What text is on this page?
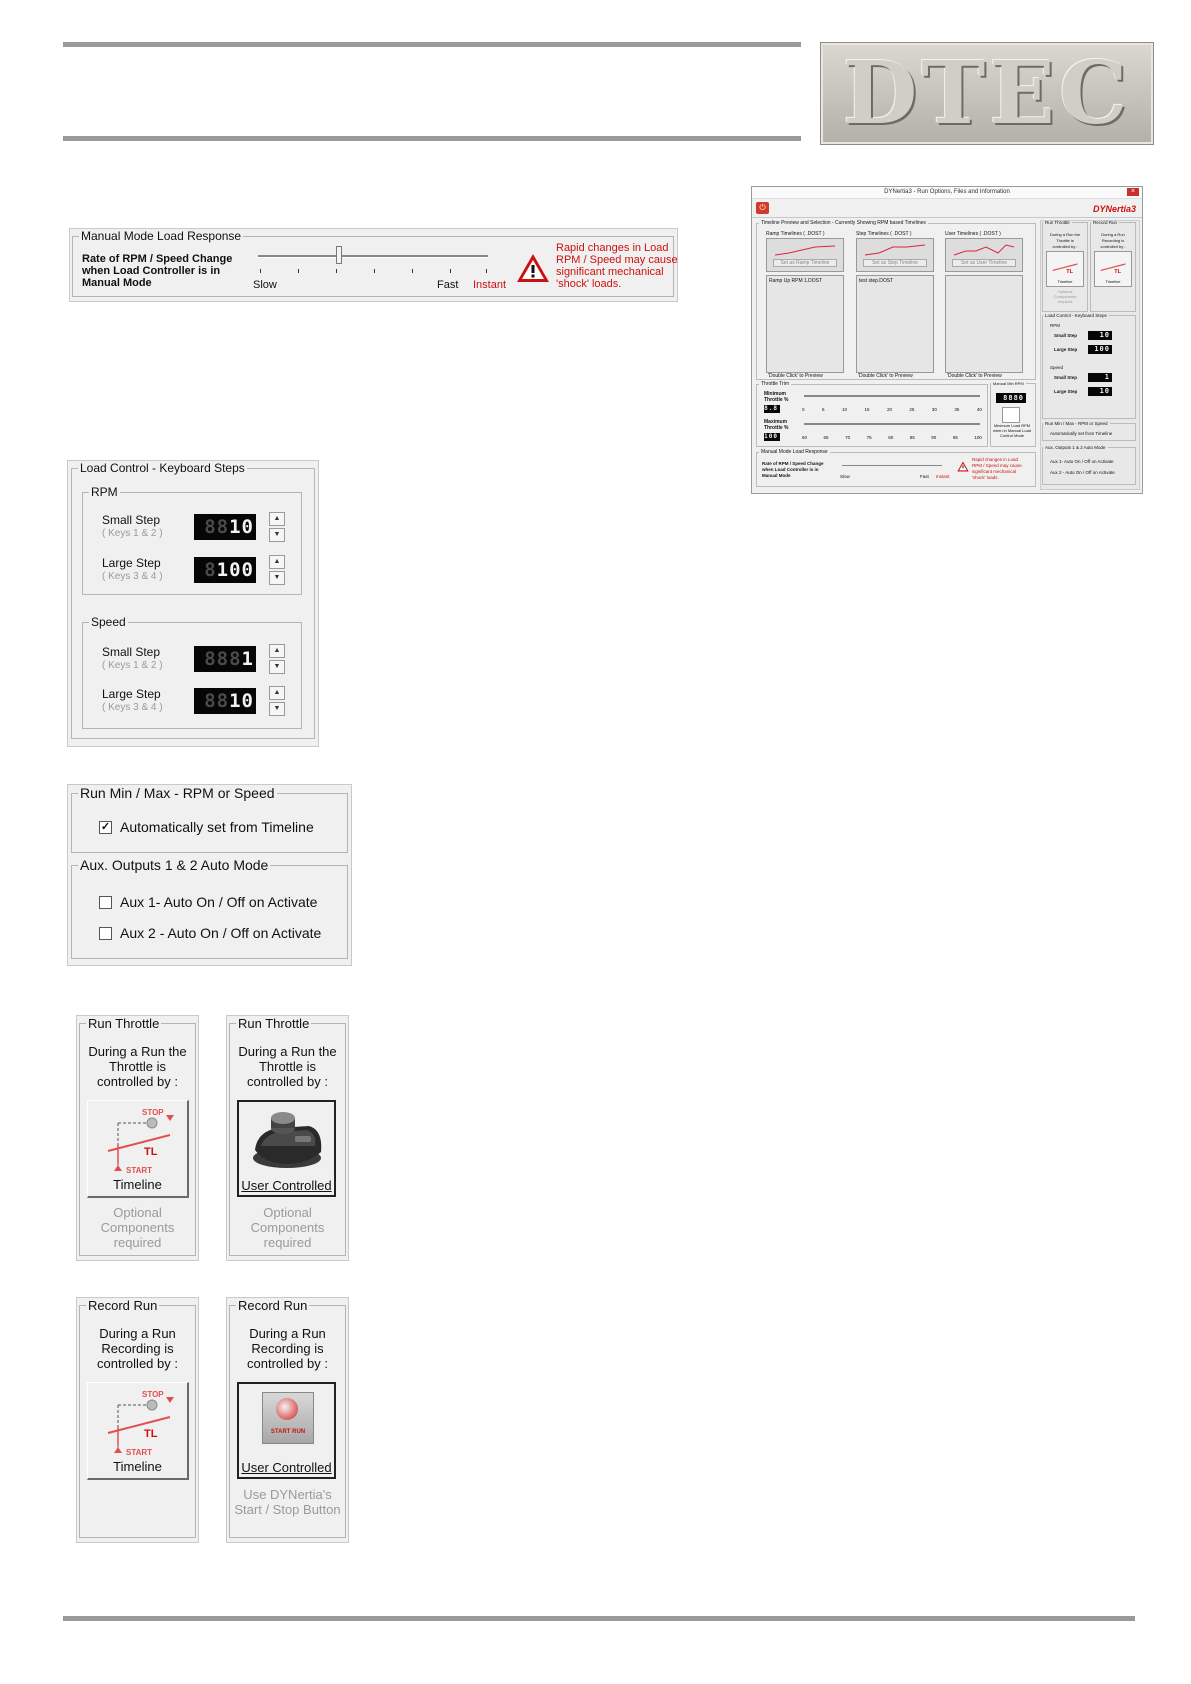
DTEC
Manual Mode Load Response
Rate of RPM / Speed Change
when Load Controller is in
Manual Mode	Slow	Fast Instant
Rapid changes in Load
RPM / Speed may cause
significant mechanical
'shock' loads.
Load Control - Keyboard Steps
RPM
Small Step
( Keys 1 & 2 )	8810	▲
▼
Large Step
( Keys 3 & 4 )	8100	▲
▼
Speed
Small Step
( Keys 1 & 2 )	8881	▲
▼
Large Step
( Keys 3 & 4 )	8810	▲
▼
Run Min / Max - RPM or Speed
✓ Automatically set from Timeline
Aux. Outputs 1 & 2 Auto Mode
Aux 1- Auto On / Off on Activate
Aux 2 - Auto On / Off on Activate
Run Throttle
During a Run the
Throttle is
controlled by :
STOP
TL
START
Timeline
Optional
Components
required
Run Throttle
During a Run the
Throttle is
controlled by :
User Controlled
Optional
Components
required
Record Run
During a Run
Recording is
controlled by :
STOP
TL
START
Timeline
Record Run
During a Run
Recording is
controlled by :
START RUN
User Controlled
Use DYNertia's
Start / Stop Button
DYNertia3 - Run Options, Files and Information	×
⏻	DYNertia3
Timeline Preview and Selection - Currently Showing RPM based Timelines
Ramp Timelines ( .DOST )	Step Timelines ( .DOST )	User Timelines ( .DOST )
Set as Ramp Timeline	Set as Step Timeline	Set as User Timeline
Ramp Up RPM 1.DOST
'Double Click' to Preview
test step.DOST
'Double Click' to Preview	'Double Click' to Preview
Throttle Trim
Minimum Throttle %
8.8	0	5	10	15	20	25	30	35	40
Maximum Throttle %
100	60	65	70	75	80	85	90	95	100
Manual Min RPM
8880
Minimum Load RPM when in Manual Load Control Mode
Manual Mode Load Response
Rate of RPM / Speed Change
when Load Controller is in
Manual Mode	Slow	Fast Instant
Rapid changes in Load
RPM / Speed may cause
significant mechanical
'shock' loads.
Run Throttle
During a Run the
Throttle is
controlled by :
TL
Timeline
Optional
Components
required
Record Run
During a Run
Recording is
controlled by :
TL
Timeline
Load Control - Keyboard Steps
RPM
Small Step	10
Large Step	100
Speed
Small Step	1
Large Step	10
Run Min / Max - RPM or Speed
Automatically set from Timeline
Aux. Outputs 1 & 2 Auto Mode
Aux 1- Auto On / Off on Activate
Aux 2 - Auto On / Off on Activate
